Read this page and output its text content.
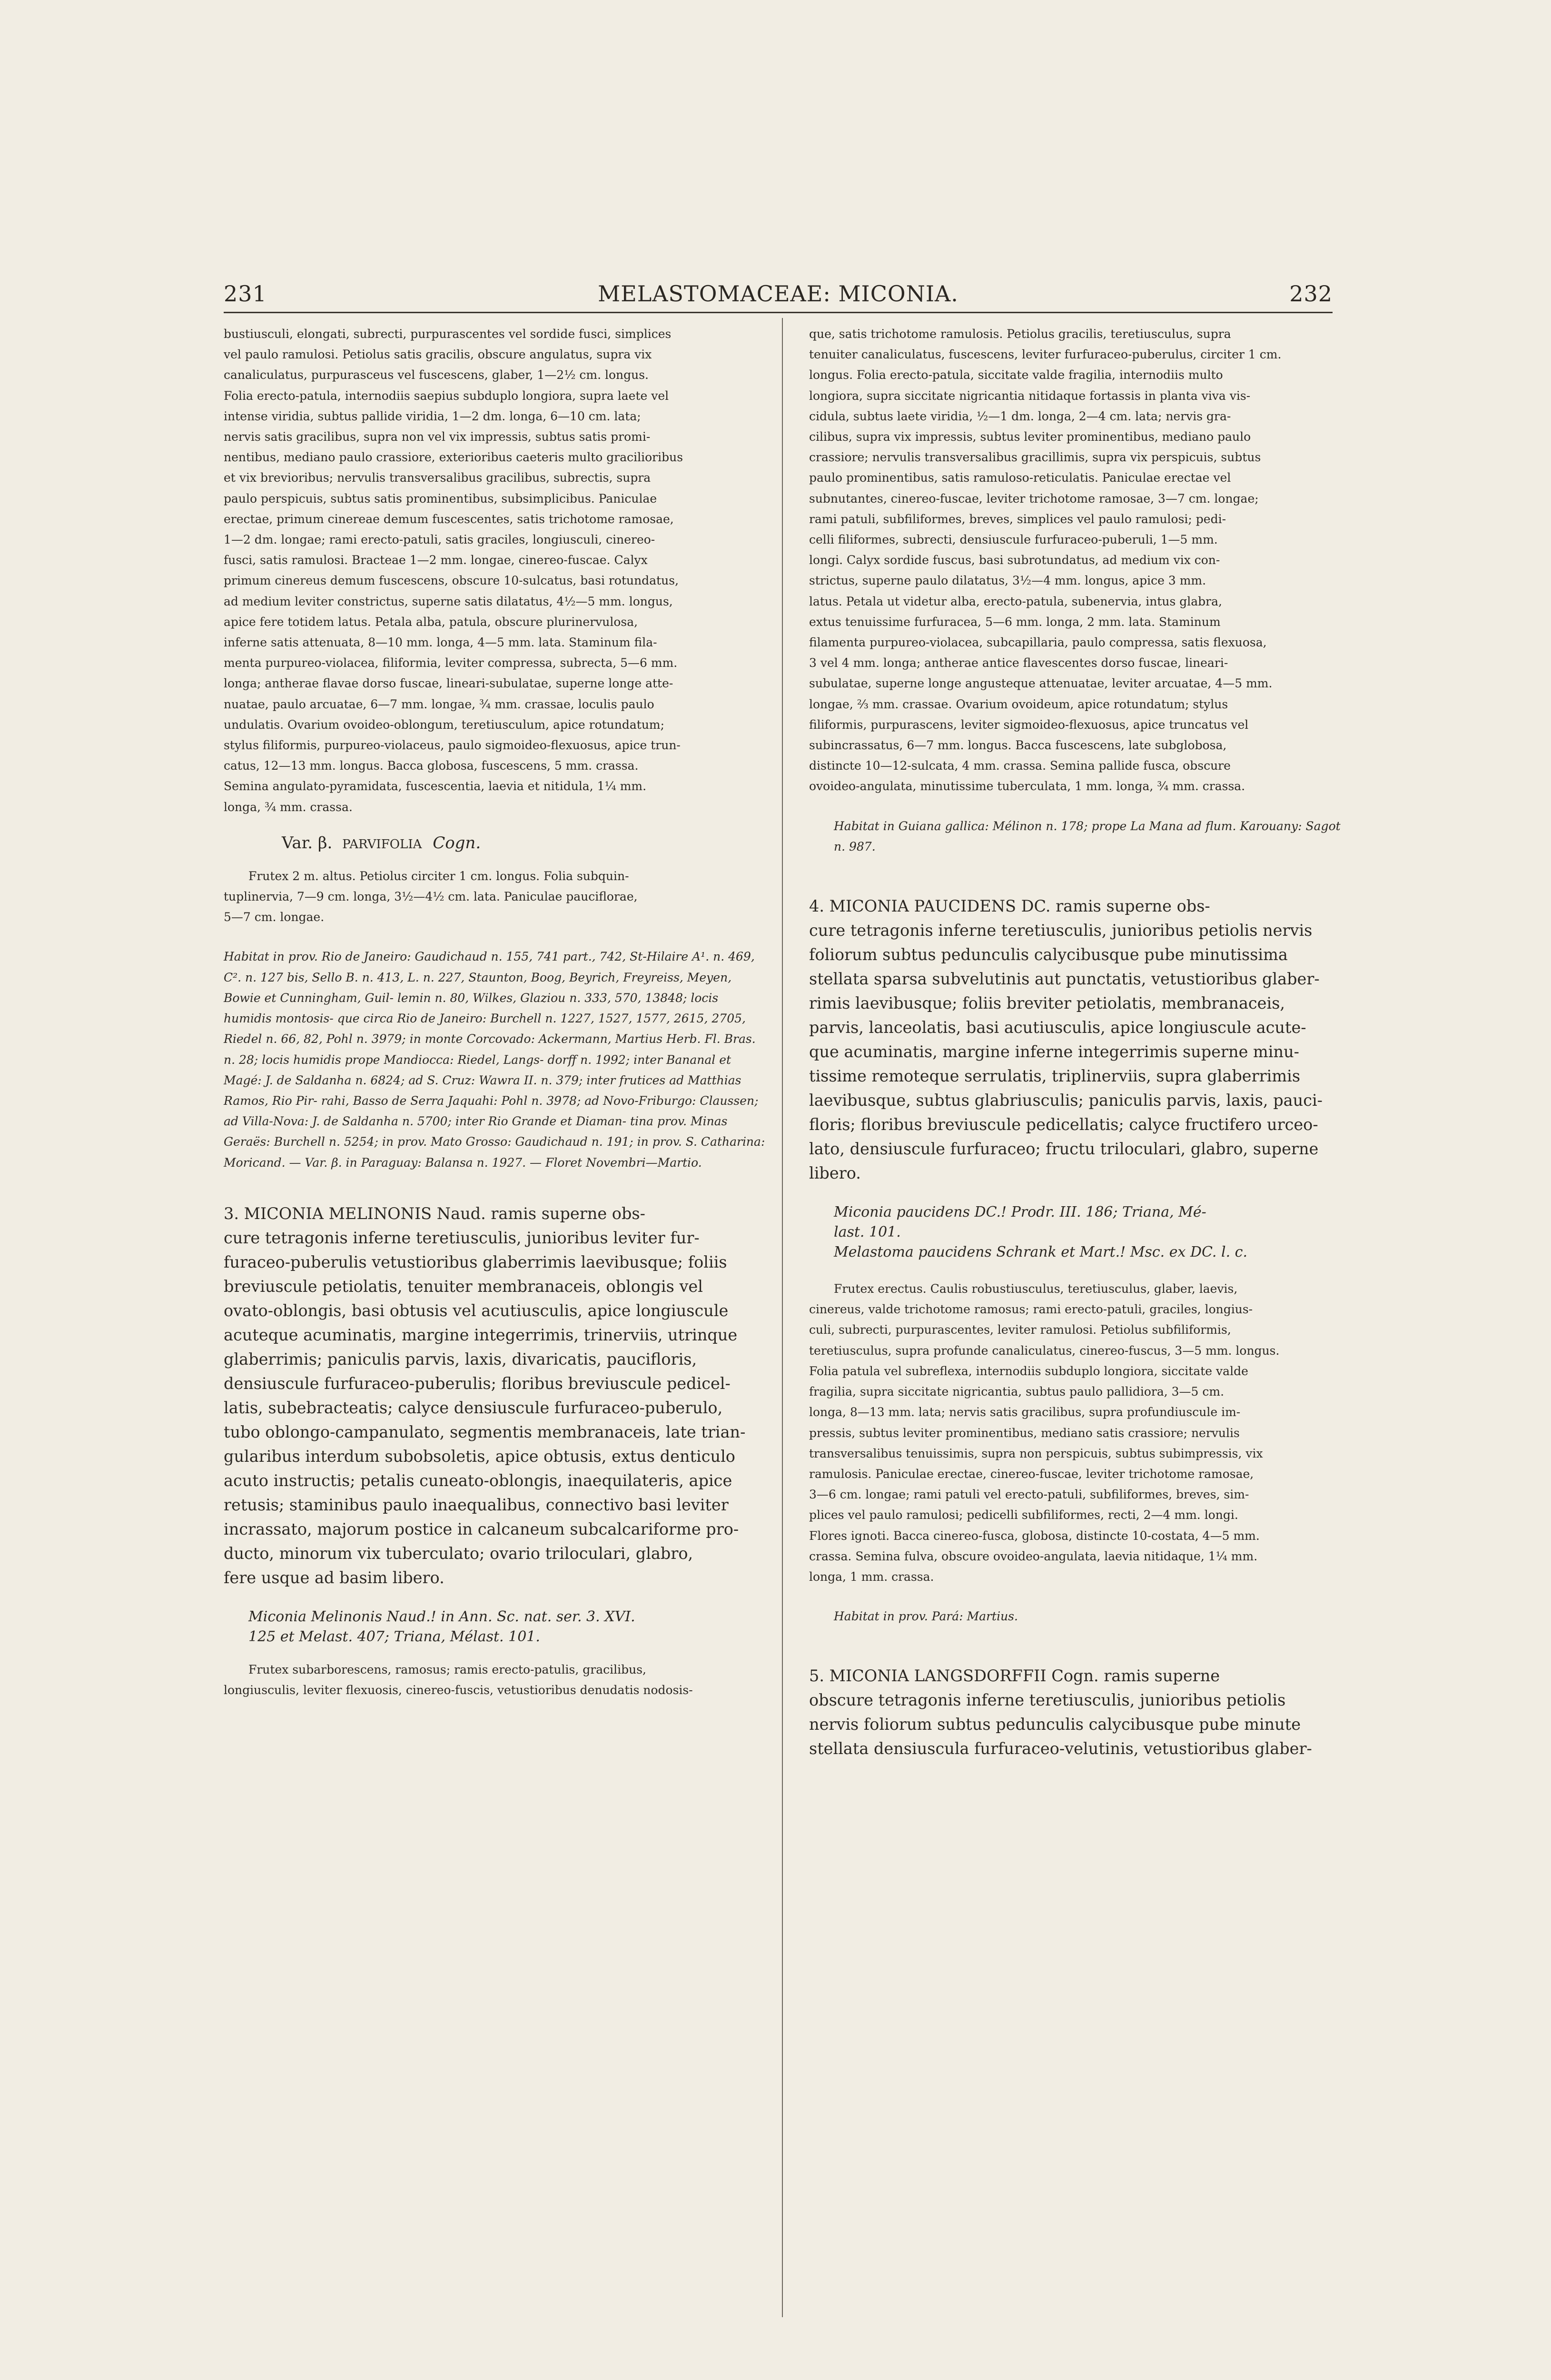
231	MELASTOMACEAE: MICONIA.	232

bustiusculi, elongati, subrecti, purpurascentes vel sordide fusci, simplices
vel paulo ramulosi. Petiolus satis gracilis, obscure angulatus, supra vix
canaliculatus, purpurasceus vel fuscescens, glaber, 1—2½ cm. longus.
Folia erecto-patula, internodiis saepius subduplo longiora, supra laete vel
intense viridia, subtus pallide viridia, 1—2 dm. longa, 6—10 cm. lata;
nervis satis gracilibus, supra non vel vix impressis, subtus satis promi-
nentibus, mediano paulo crassiore, exterioribus caeteris multo gracilioribus
et vix brevioribus; nervulis transversalibus gracilibus, subrectis, supra
paulo perspicuis, subtus satis prominentibus, subsimplicibus. Paniculae
erectae, primum cinereae demum fuscescentes, satis trichotome ramosae,
1—2 dm. longae; rami erecto-patuli, satis graciles, longiusculi, cinereo-
fusci, satis ramulosi. Bracteae 1—2 mm. longae, cinereo-fuscae. Calyx
primum cinereus demum fuscescens, obscure 10-sulcatus, basi rotundatus,
ad medium leviter constrictus, superne satis dilatatus, 4½—5 mm. longus,
apice fere totidem latus. Petala alba, patula, obscure plurinervulosa,
inferne satis attenuata, 8—10 mm. longa, 4—5 mm. lata. Staminum fila-
menta purpureo-violacea, filiformia, leviter compressa, subrecta, 5—6 mm.
longa; antherae flavae dorso fuscae, lineari-subulatae, superne longe atte-
nuatae, paulo arcuatae, 6—7 mm. longae, ¾ mm. crassae, loculis paulo
undulatis. Ovarium ovoideo-oblongum, teretiusculum, apice rotundatum;
stylus filiformis, purpureo-violaceus, paulo sigmoideo-flexuosus, apice trun-
catus, 12—13 mm. longus. Bacca globosa, fuscescens, 5 mm. crassa.
Semina angulato-pyramidata, fuscescentia, laevia et nitidula, 1¼ mm.
longa, ¾ mm. crassa.

Var. β. PARVIFOLIA Cogn.

Frutex 2 m. altus. Petiolus circiter 1 cm. longus. Folia subquin-
tuplinervia, 7—9 cm. longa, 3½—4½ cm. lata. Paniculae pauciflorae,
5—7 cm. longae.

Habitat in prov. Rio de Janeiro: Gaudichaud n. 155, 741 part., 742, St-Hilaire A¹. n. 469, C². n. 127 bis, Sello B. n. 413, L. n. 227, Staunton, Boog, Beyrich, Freyreiss, Meyen, Bowie et Cunningham, Guil- lemin n. 80, Wilkes, Glaziou n. 333, 570, 13848; locis humidis montosis- que circa Rio de Janeiro: Burchell n. 1227, 1527, 1577, 2615, 2705, Riedel n. 66, 82, Pohl n. 3979; in monte Corcovado: Ackermann, Martius Herb. Fl. Bras. n. 28; locis humidis prope Mandiocca: Riedel, Langs- dorff n. 1992; inter Bananal et Magé: J. de Saldanha n. 6824; ad S. Cruz: Wawra II. n. 379; inter frutices ad Matthias Ramos, Rio Pir- rahi, Basso de Serra Jaquahi: Pohl n. 3978; ad Novo-Friburgo: Claussen; ad Villa-Nova: J. de Saldanha n. 5700; inter Rio Grande et Diaman- tina prov. Minas Geraës: Burchell n. 5254; in prov. Mato Grosso: Gaudichaud n. 191; in prov. S. Catharina: Moricand. — Var. β. in Paraguay: Balansa n. 1927. — Floret Novembri—Martio.

3. MICONIA MELINONIS Naud. ramis superne obs-
cure tetragonis inferne teretiusculis, junioribus leviter fur-
furaceo-puberulis vetustioribus glaberrimis laevibusque; foliis
breviuscule petiolatis, tenuiter membranaceis, oblongis vel
ovato-oblongis, basi obtusis vel acutiusculis, apice longiuscule
acuteque acuminatis, margine integerrimis, trinerviis, utrinque
glaberrimis; paniculis parvis, laxis, divaricatis, paucifloris,
densiuscule furfuraceo-puberulis; floribus breviuscule pedicel-
latis, subebracteatis; calyce densiuscule furfuraceo-puberulo,
tubo oblongo-campanulato, segmentis membranaceis, late trian-
gularibus interdum subobsoletis, apice obtusis, extus denticulo
acuto instructis; petalis cuneato-oblongis, inaequilateris, apice
retusis; staminibus paulo inaequalibus, connectivo basi leviter
incrassato, majorum postice in calcaneum subcalcariforme pro-
ducto, minorum vix tuberculato; ovario triloculari, glabro,
fere usque ad basim libero.

Miconia Melinonis Naud.! in Ann. Sc. nat. ser. 3. XVI.
125 et Melast. 407; Triana, Mélast. 101.

Frutex subarborescens, ramosus; ramis erecto-patulis, gracilibus,
longiusculis, leviter flexuosis, cinereo-fuscis, vetustioribus denudatis nodosis-

que, satis trichotome ramulosis. Petiolus gracilis, teretiusculus, supra
tenuiter canaliculatus, fuscescens, leviter furfuraceo-puberulus, circiter 1 cm.
longus. Folia erecto-patula, siccitate valde fragilia, internodiis multo
longiora, supra siccitate nigricantia nitidaque fortassis in planta viva vis-
cidula, subtus laete viridia, ½—1 dm. longa, 2—4 cm. lata; nervis gra-
cilibus, supra vix impressis, subtus leviter prominentibus, mediano paulo
crassiore; nervulis transversalibus gracillimis, supra vix perspicuis, subtus
paulo prominentibus, satis ramuloso-reticulatis. Paniculae erectae vel
subnutantes, cinereo-fuscae, leviter trichotome ramosae, 3—7 cm. longae;
rami patuli, subfiliformes, breves, simplices vel paulo ramulosi; pedi-
celli filiformes, subrecti, densiuscule furfuraceo-puberuli, 1—5 mm.
longi. Calyx sordide fuscus, basi subrotundatus, ad medium vix con-
strictus, superne paulo dilatatus, 3½—4 mm. longus, apice 3 mm.
latus. Petala ut videtur alba, erecto-patula, subenervia, intus glabra,
extus tenuissime furfuracea, 5—6 mm. longa, 2 mm. lata. Staminum
filamenta purpureo-violacea, subcapillaria, paulo compressa, satis flexuosa,
3 vel 4 mm. longa; antherae antice flavescentes dorso fuscae, lineari-
subulatae, superne longe angusteque attenuatae, leviter arcuatae, 4—5 mm.
longae, ⅔ mm. crassae. Ovarium ovoideum, apice rotundatum; stylus
filiformis, purpurascens, leviter sigmoideo-flexuosus, apice truncatus vel
subincrassatus, 6—7 mm. longus. Bacca fuscescens, late subglobosa,
distincte 10—12-sulcata, 4 mm. crassa. Semina pallide fusca, obscure
ovoideo-angulata, minutissime tuberculata, 1 mm. longa, ¾ mm. crassa.

Habitat in Guiana gallica: Mélinon n. 178; prope La Mana ad flum. Karouany: Sagot n. 987.

4. MICONIA PAUCIDENS DC. ramis superne obs-
cure tetragonis inferne teretiusculis, junioribus petiolis nervis
foliorum subtus pedunculis calycibusque pube minutissima
stellata sparsa subvelutinis aut punctatis, vetustioribus glaber-
rimis laevibusque; foliis breviter petiolatis, membranaceis,
parvis, lanceolatis, basi acutiusculis, apice longiuscule acute-
que acuminatis, margine inferne integerrimis superne minu-
tissime remoteque serrulatis, triplinerviis, supra glaberrimis
laevibusque, subtus glabriusculis; paniculis parvis, laxis, pauci-
floris; floribus breviuscule pedicellatis; calyce fructifero urceo-
lato, densiuscule furfuraceo; fructu triloculari, glabro, superne
libero.

Miconia paucidens DC.! Prodr. III. 186; Triana, Mé-
last. 101.
Melastoma paucidens Schrank et Mart.! Msc. ex DC. l. c.

Frutex erectus. Caulis robustiusculus, teretiusculus, glaber, laevis,
cinereus, valde trichotome ramosus; rami erecto-patuli, graciles, longius-
culi, subrecti, purpurascentes, leviter ramulosi. Petiolus subfiliformis,
teretiusculus, supra profunde canaliculatus, cinereo-fuscus, 3—5 mm. longus.
Folia patula vel subreflexa, internodiis subduplo longiora, siccitate valde
fragilia, supra siccitate nigricantia, subtus paulo pallidiora, 3—5 cm.
longa, 8—13 mm. lata; nervis satis gracilibus, supra profundiuscule im-
pressis, subtus leviter prominentibus, mediano satis crassiore; nervulis
transversalibus tenuissimis, supra non perspicuis, subtus subimpressis, vix
ramulosis. Paniculae erectae, cinereo-fuscae, leviter trichotome ramosae,
3—6 cm. longae; rami patuli vel erecto-patuli, subfiliformes, breves, sim-
plices vel paulo ramulosi; pedicelli subfiliformes, recti, 2—4 mm. longi.
Flores ignoti. Bacca cinereo-fusca, globosa, distincte 10-costata, 4—5 mm.
crassa. Semina fulva, obscure ovoideo-angulata, laevia nitidaque, 1¼ mm.
longa, 1 mm. crassa.

Habitat in prov. Pará: Martius.

5. MICONIA LANGSDORFFII Cogn. ramis superne
obscure tetragonis inferne teretiusculis, junioribus petiolis
nervis foliorum subtus pedunculis calycibusque pube minute
stellata densiuscula furfuraceo-velutinis, vetustioribus glaber-
